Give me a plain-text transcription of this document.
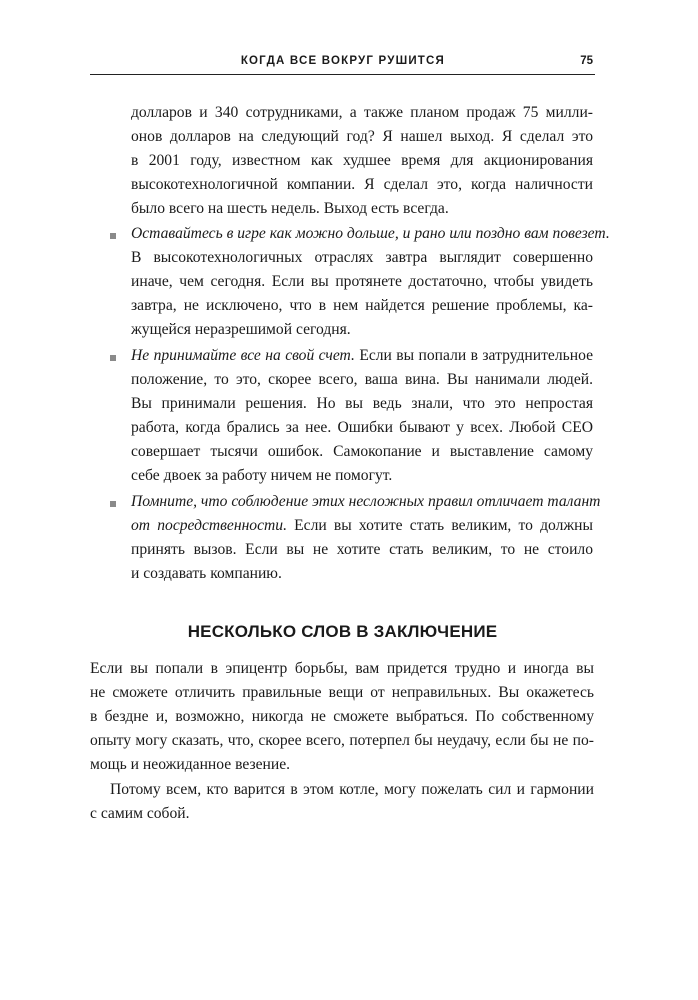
КОГДА ВСЕ ВОКРУГ РУШИТСЯ	75

долларов и 340 сотрудниками, а также планом продаж 75 милли-

онов долларов на следующий год? Я нашел выход. Я сделал это

в 2001 году, известном как худшее время для акционирования

высокотехнологичной компании. Я сделал это, когда наличности

было всего на шесть недель. Выход есть всегда.

Оставайтесь в игре как можно дольше, и рано или поздно вам повезет.

В высокотехнологичных отраслях завтра выглядит совершенно

иначе, чем сегодня. Если вы протянете достаточно, чтобы увидеть

завтра, не исключено, что в нем найдется решение проблемы, ка-

жущейся неразрешимой сегодня.

Не принимайте все на свой счет. Если вы попали в затруднительное

положение, то это, скорее всего, ваша вина. Вы нанимали людей.

Вы принимали решения. Но вы ведь знали, что это непростая

работа, когда брались за нее. Ошибки бывают у всех. Любой CEO

совершает тысячи ошибок. Самокопание и выставление самому

себе двоек за работу ничем не помогут.

Помните, что соблюдение этих несложных правил отличает талант

от посредственности. Если вы хотите стать великим, то должны

принять вызов. Если вы не хотите стать великим, то не стоило

и создавать компанию.

НЕСКОЛЬКО СЛОВ В ЗАКЛЮЧЕНИЕ

Если вы попали в эпицентр борьбы, вам придется трудно и иногда вы

не сможете отличить правильные вещи от неправильных. Вы окажетесь

в бездне и, возможно, никогда не сможете выбраться. По собственному

опыту могу сказать, что, скорее всего, потерпел бы неудачу, если бы не по-

мощь и неожиданное везение.

Потому всем, кто варится в этом котле, могу пожелать сил и гармонии

с самим собой.
